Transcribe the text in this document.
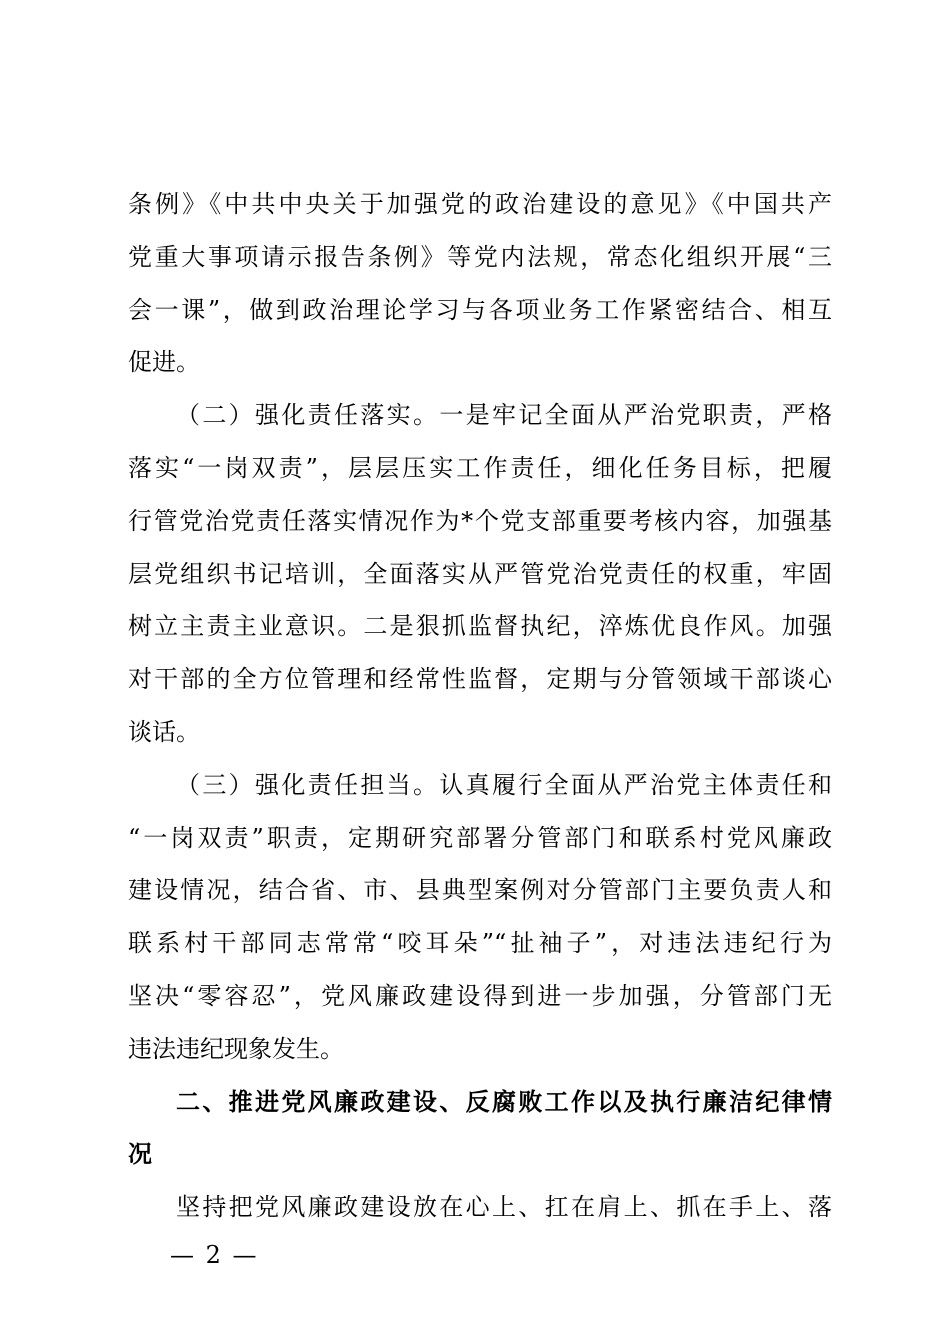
条例》《中共中央关于加强党的政治建设的意见》《中国共产
党重大事项请示报告条例》等党内法规，常态化组织开展“三
会一课”，做到政治理论学习与各项业务工作紧密结合、相互
促进。
（二）强化责任落实。一是牢记全面从严治党职责，严格
落实“一岗双责”，层层压实工作责任，细化任务目标，把履
行管党治党责任落实情况作为*个党支部重要考核内容，加强基
层党组织书记培训，全面落实从严管党治党责任的权重，牢固
树立主责主业意识。二是狠抓监督执纪，淬炼优良作风。加强
对干部的全方位管理和经常性监督，定期与分管领域干部谈心
谈话。
（三）强化责任担当。认真履行全面从严治党主体责任和
“一岗双责”职责，定期研究部署分管部门和联系村党风廉政
建设情况，结合省、市、县典型案例对分管部门主要负责人和
联系村干部同志常常“咬耳朵”“扯袖子”，对违法违纪行为
坚决“零容忍”，党风廉政建设得到进一步加强，分管部门无
违法违纪现象发生。
二、推进党风廉政建设、反腐败工作以及执行廉洁纪律情
况
坚持把党风廉政建设放在心上、扛在肩上、抓在手上、落
— 2 —
